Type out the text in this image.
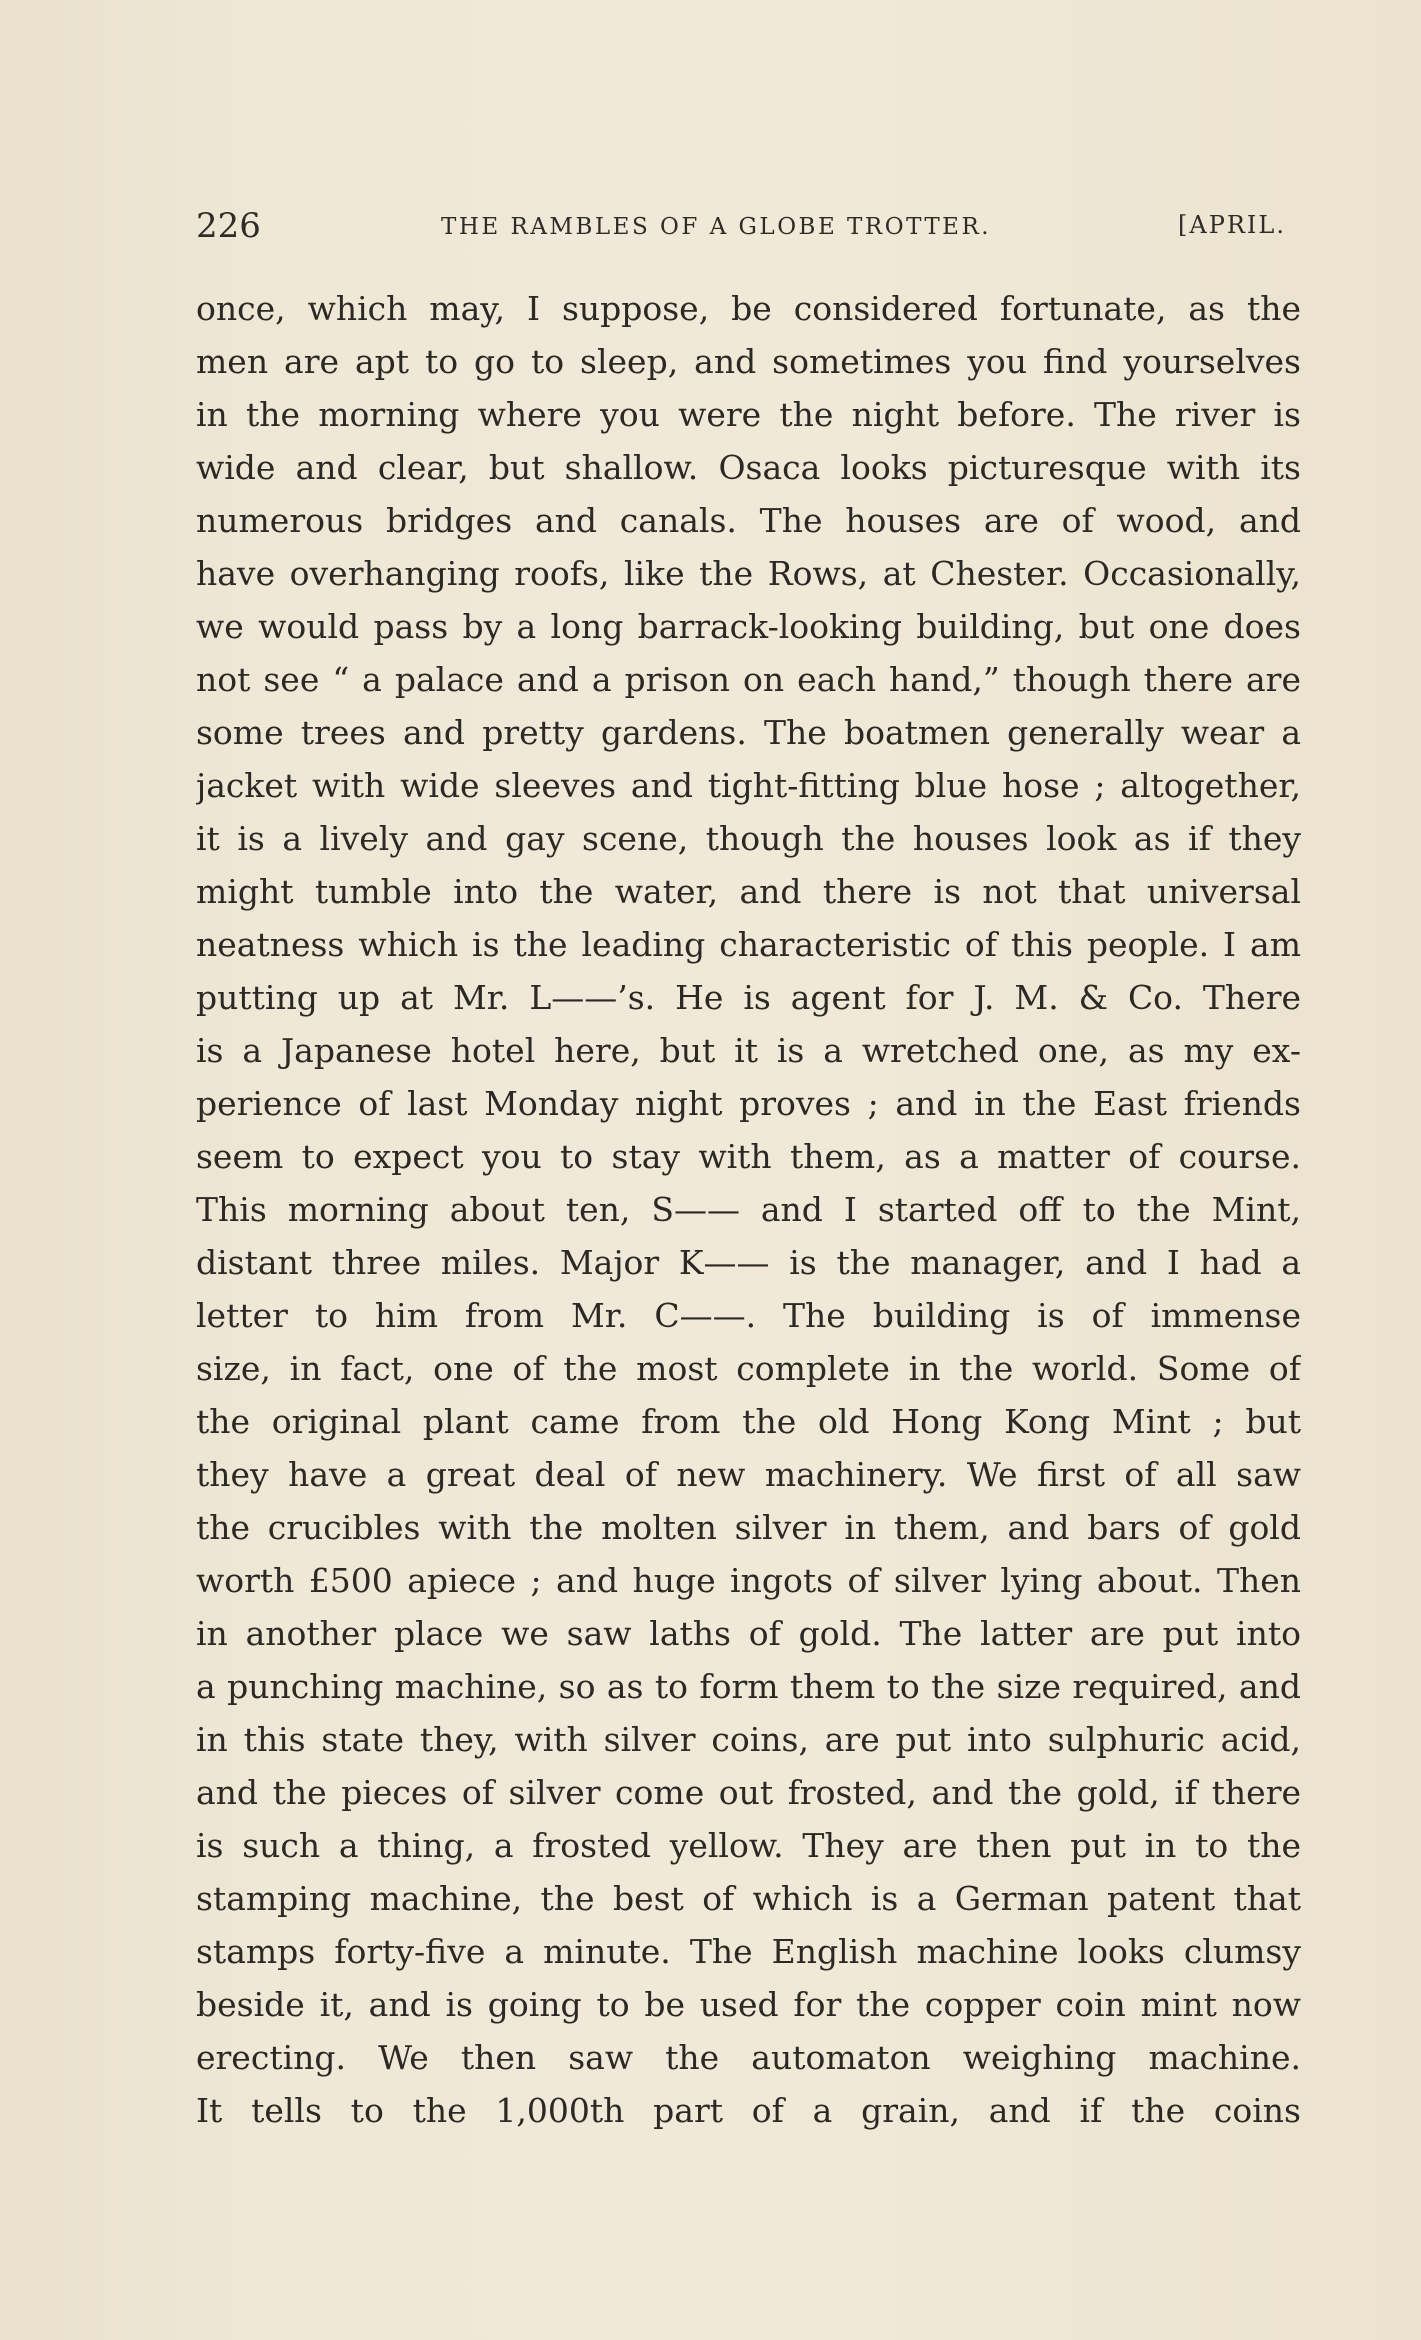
226	THE RAMBLES OF A GLOBE TROTTER.	[APRIL.
once, which may, I suppose, be considered fortunate, as the
men are apt to go to sleep, and sometimes you find yourselves
in the morning where you were the night before. The river is
wide and clear, but shallow. Osaca looks picturesque with its
numerous bridges and canals. The houses are of wood, and
have overhanging roofs, like the Rows, at Chester. Occasionally,
we would pass by a long barrack-looking building, but one does
not see “ a palace and a prison on each hand,” though there are
some trees and pretty gardens. The boatmen generally wear a
jacket with wide sleeves and tight-fitting blue hose ; altogether,
it is a lively and gay scene, though the houses look as if they
might tumble into the water, and there is not that universal
neatness which is the leading characteristic of this people. I am
putting up at Mr. L——’s. He is agent for J. M. & Co. There
is a Japanese hotel here, but it is a wretched one, as my ex-
perience of last Monday night proves ; and in the East friends
seem to expect you to stay with them, as a matter of course.
This morning about ten, S—— and I started off to the Mint,
distant three miles. Major K—— is the manager, and I had a
letter to him from Mr. C——. The building is of immense
size, in fact, one of the most complete in the world. Some of
the original plant came from the old Hong Kong Mint ; but
they have a great deal of new machinery. We first of all saw
the crucibles with the molten silver in them, and bars of gold
worth £500 apiece ; and huge ingots of silver lying about. Then
in another place we saw laths of gold. The latter are put into
a punching machine, so as to form them to the size required, and
in this state they, with silver coins, are put into sulphuric acid,
and the pieces of silver come out frosted, and the gold, if there
is such a thing, a frosted yellow. They are then put in to the
stamping machine, the best of which is a German patent that
stamps forty-five a minute. The English machine looks clumsy
beside it, and is going to be used for the copper coin mint now
erecting. We then saw the automaton weighing machine.
It tells to the 1,000th part of a grain, and if the coins
